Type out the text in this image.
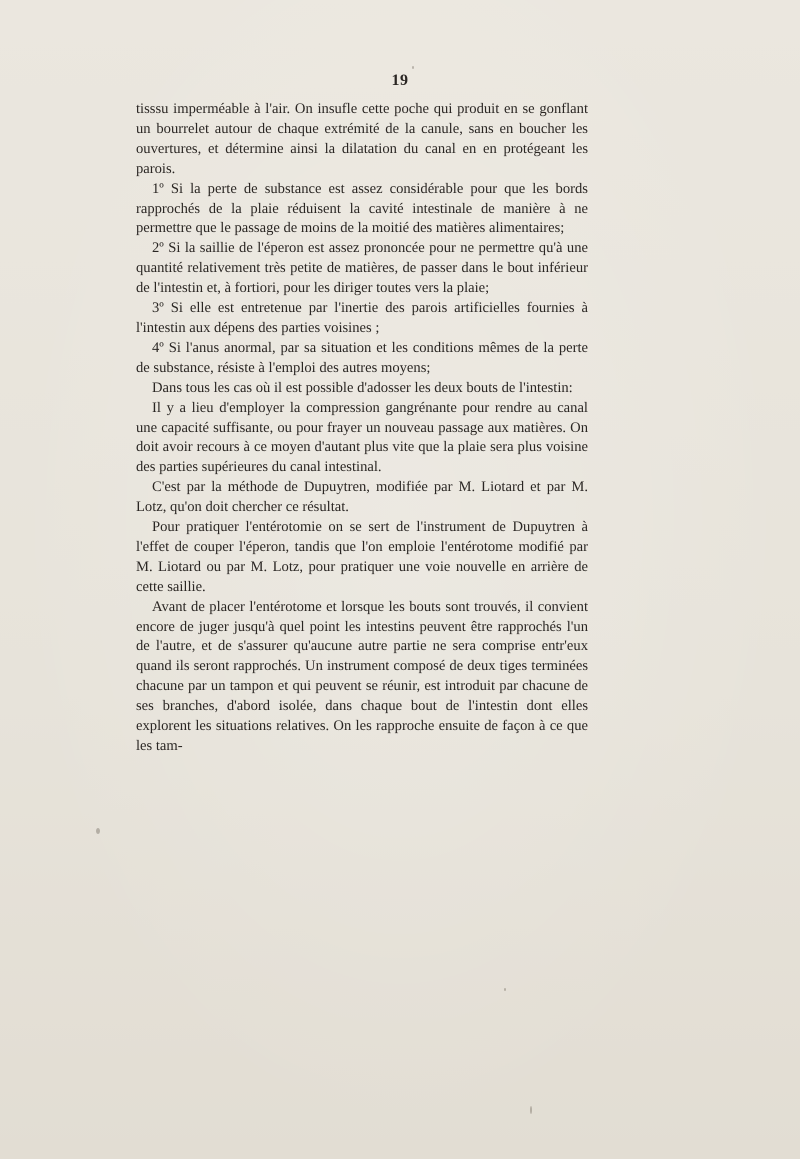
19

tisssu imperméable à l'air. On insufle cette poche qui produit en se gonflant un bourrelet autour de chaque extrémité de la canule, sans en boucher les ouvertures, et détermine ainsi la dilatation du canal en en protégeant les parois.

1º Si la perte de substance est assez considérable pour que les bords rapprochés de la plaie réduisent la cavité intestinale de manière à ne permettre que le passage de moins de la moitié des matières alimentaires;

2º Si la saillie de l'éperon est assez prononcée pour ne permettre qu'à une quantité relativement très petite de matières, de passer dans le bout inférieur de l'intestin et, à fortiori, pour les diriger toutes vers la plaie;

3º Si elle est entretenue par l'inertie des parois artificielles fournies à l'intestin aux dépens des parties voisines ;

4º Si l'anus anormal, par sa situation et les conditions mêmes de la perte de substance, résiste à l'emploi des autres moyens;

Dans tous les cas où il est possible d'adosser les deux bouts de l'intestin:

Il y a lieu d'employer la compression gangrénante pour rendre au canal une capacité suffisante, ou pour frayer un nouveau passage aux matières. On doit avoir recours à ce moyen d'autant plus vite que la plaie sera plus voisine des parties supérieures du canal intestinal.

C'est par la méthode de Dupuytren, modifiée par M. Liotard et par M. Lotz, qu'on doit chercher ce résultat.

Pour pratiquer l'entérotomie on se sert de l'instrument de Dupuytren à l'effet de couper l'éperon, tandis que l'on emploie l'entérotome modifié par M. Liotard ou par M. Lotz, pour pratiquer une voie nouvelle en arrière de cette saillie.

Avant de placer l'entérotome et lorsque les bouts sont trouvés, il convient encore de juger jusqu'à quel point les intestins peuvent être rapprochés l'un de l'autre, et de s'assurer qu'aucune autre partie ne sera comprise entr'eux quand ils seront rapprochés. Un instrument composé de deux tiges terminées chacune par un tampon et qui peuvent se réunir, est introduit par chacune de ses branches, d'abord isolée, dans chaque bout de l'intestin dont elles explorent les situations relatives. On les rapproche ensuite de façon à ce que les tam-
